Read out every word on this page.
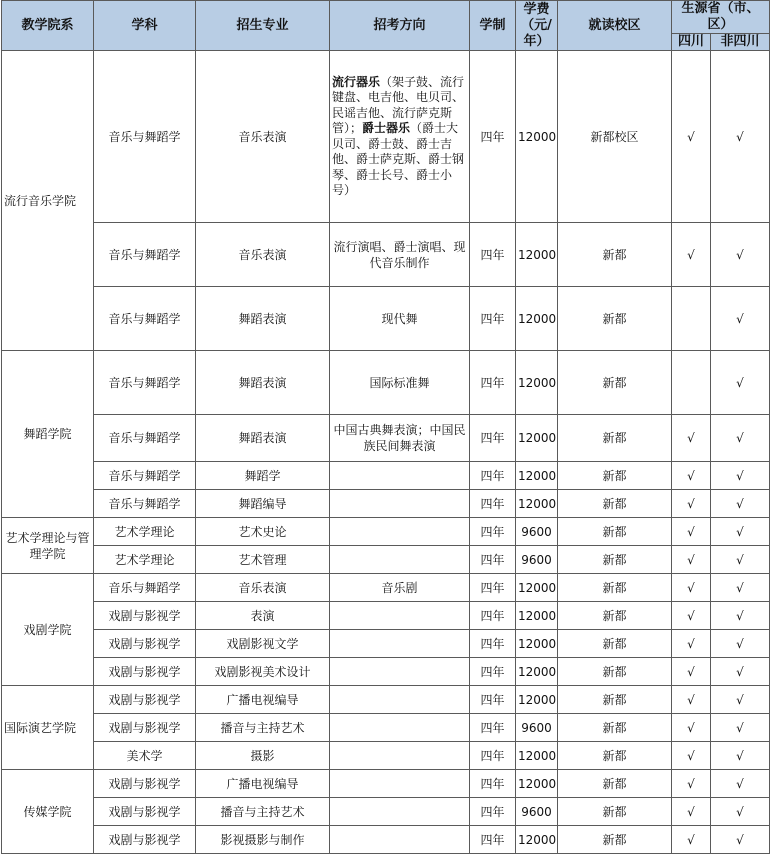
教学院系	学科	招生专业	招考方向	学制	学费（元/年）	就读校区	生源省（市、区）	
							四川	非四川
流行音乐学院	音乐与舞蹈学	音乐表演	流行器乐（架子鼓、流行键盘、电吉他、电贝司、民谣吉他、流行萨克斯管）；爵士器乐（爵士大贝司、爵士鼓、爵士吉他、爵士萨克斯、爵士钢琴、爵士长号、爵士小号）	四年	12000	新都校区	√	√
	音乐与舞蹈学	音乐表演	流行演唱、爵士演唱、现代音乐制作	四年	12000	新都	√	√
	音乐与舞蹈学	舞蹈表演	现代舞	四年	12000	新都		√
舞蹈学院	音乐与舞蹈学	舞蹈表演	国际标准舞	四年	12000	新都		√
	音乐与舞蹈学	舞蹈表演	中国古典舞表演；中国民族民间舞表演	四年	12000	新都	√	√
	音乐与舞蹈学	舞蹈学		四年	12000	新都	√	√
	音乐与舞蹈学	舞蹈编导		四年	12000	新都	√	√
艺术学理论与管理学院	艺术学理论	艺术史论		四年	9600	新都	√	√
	艺术学理论	艺术管理		四年	9600	新都	√	√
戏剧学院	音乐与舞蹈学	音乐表演	音乐剧	四年	12000	新都	√	√
	戏剧与影视学	表演		四年	12000	新都	√	√
	戏剧与影视学	戏剧影视文学		四年	12000	新都	√	√
	戏剧与影视学	戏剧影视美术设计		四年	12000	新都	√	√
国际演艺学院	戏剧与影视学	广播电视编导		四年	12000	新都	√	√
	戏剧与影视学	播音与主持艺术		四年	9600	新都	√	√
	美术学	摄影		四年	12000	新都	√	√
传媒学院	戏剧与影视学	广播电视编导		四年	12000	新都	√	√
	戏剧与影视学	播音与主持艺术		四年	9600	新都	√	√
	戏剧与影视学	影视摄影与制作		四年	12000	新都	√	√
